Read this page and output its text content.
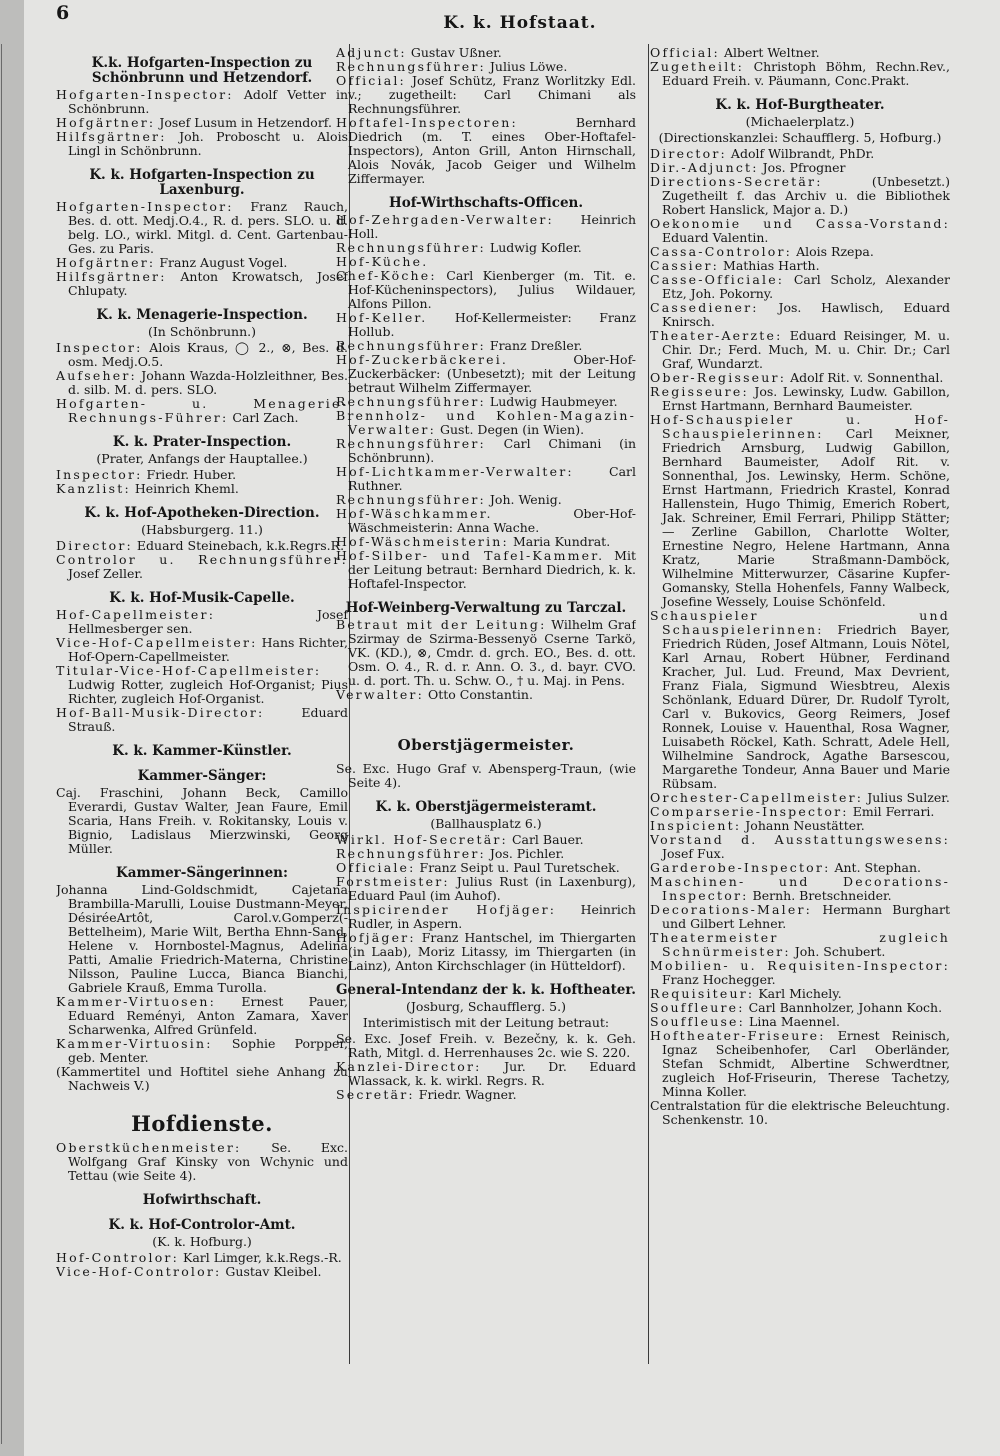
6	K. k. Hofstaat.
K.k. Hofgarten-Inspection zu Schönbrunn und Hetzendorf.
Hofgarten-Inspector: Adolf Vetter in Schönbrunn.
Hofgärtner: Josef Lusum in Hetzendorf.
Hilfsgärtner: Joh. Proboscht u. Alois Lingl in Schönbrunn.
K. k. Hofgarten-Inspection zu Laxenburg.
Hofgarten-Inspector: Franz Rauch, Bes. d. ott. Medj.O.4., R. d. pers. SLO. u. d. belg. LO., wirkl. Mitgl. d. Cent. Gartenbau-Ges. zu Paris.
Hofgärtner: Franz August Vogel.
Hilfsgärtner: Anton Krowatsch, Josef Chlupaty.
K. k. Menagerie-Inspection.
(In Schönbrunn.)
Inspector: Alois Kraus, ◯ 2., ⊗, Bes. d. osm. Medj.O.5.
Aufseher: Johann Wazda-Holzleithner, Bes. d. silb. M. d. pers. SLO.
Hofgarten- u. Menagerie-Rechnungs-Führer: Carl Zach.
K. k. Prater-Inspection.
(Prater, Anfangs der Hauptallee.)
Inspector: Friedr. Huber.
Kanzlist: Heinrich Kheml.
K. k. Hof-Apotheken-Direction.
(Habsburgerg. 11.)
Director: Eduard Steinebach, k.k.Regrs.R.
Controlor u. Rechnungsführer: Josef Zeller.
K. k. Hof-Musik-Capelle.
Hof-Capellmeister:	Josef Hellmesberger sen.
Vice-Hof-Capellmeister: Hans Richter, Hof-Opern-Capellmeister.
Titular-Vice-Hof-Capellmeister: Ludwig Rotter, zugleich Hof-Organist; Pius Richter, zugleich Hof-Organist.
Hof-Ball-Musik-Director:	Eduard Strauß.
K. k. Kammer-Künstler.
Kammer-Sänger:
Caj. Fraschini, Johann Beck, Camillo Everardi, Gustav Walter, Jean Faure, Emil Scaria, Hans Freih. v. Rokitansky, Louis v. Bignio, Ladislaus Mierzwinski, Georg Müller.
Kammer-Sängerinnen:
Johanna Lind-Goldschmidt, Cajetana Brambilla-Marulli, Louise Dustmann-Meyer, DésiréeArtôt, Carol.v.Gomperz(-Bettelheim), Marie Wilt, Bertha Ehnn-Sand, Helene v. Hornbostel-Magnus, Adelina Patti, Amalie Friedrich-Materna, Christine Nilsson, Pauline Lucca, Bianca Bianchi, Gabriele Krauß, Emma Turolla.
Kammer-Virtuosen: Ernest Pauer, Eduard Reményi, Anton Zamara, Xaver Scharwenka, Alfred Grünfeld.
Kammer-Virtuosin: Sophie Porpper, geb. Menter.
(Kammertitel und Hoftitel siehe Anhang zu Nachweis V.)
Hofdienste.
Oberstküchenmeister: Se. Exc. Wolfgang Graf Kinsky von Wchynic und Tettau (wie Seite 4).
Hofwirthschaft.
K. k. Hof-Controlor-Amt.
(K. k. Hofburg.)
Hof-Controlor: Karl Limger, k.k.Regs.-R.
Vice-Hof-Controlor: Gustav Kleibel.
Adjunct: Gustav Ußner.
Rechnungsführer: Julius Löwe.
Official: Josef Schütz, Franz Worlitzky Edl. v.; zugetheilt: Carl Chimani als Rechnungsführer.
Hoftafel-Inspectoren:	Bernhard Diedrich (m. T. eines Ober-Hoftafel-Inspectors), Anton Grill, Anton Hirnschall, Alois Novák, Jacob Geiger und Wilhelm Ziffermayer.
Hof-Wirthschafts-Officen.
Hof-Zehrgaden-Verwalter: Heinrich Holl.
Rechnungsführer: Ludwig Kofler.
Hof-Küche.
Chef-Köche: Carl Kienberger (m. Tit. e. Hof-Kücheninspectors), Julius Wildauer, Alfons Pillon.
Hof-Keller. Hof-Kellermeister: Franz Hollub.
Rechnungsführer: Franz Dreßler.
Hof-Zuckerbäckerei.	Ober-Hof-Zuckerbäcker: (Unbesetzt); mit der Leitung betraut Wilhelm Ziffermayer.
Rechnungsführer: Ludwig Haubmeyer.
Brennholz- und Kohlen-Magazin-Verwalter: Gust. Degen (in Wien).
Rechnungsführer: Carl Chimani (in Schönbrunn).
Hof-Lichtkammer-Verwalter:	Carl Ruthner.
Rechnungsführer: Joh. Wenig.
Hof-Wäschkammer.	Ober-Hof-Wäschmeisterin: Anna Wache.
Hof-Wäschmeisterin: Maria Kundrat.
Hof-Silber- und Tafel-Kammer. Mit der Leitung betraut: Bernhard Diedrich, k. k. Hoftafel-Inspector.
Hof-Weinberg-Verwaltung zu Tarczal.
Betraut mit der Leitung: Wilhelm Graf Szirmay de Szirma-Bessenyö Cserne Tarkö, VK. (KD.), ⊗, Cmdr. d. grch. EO., Bes. d. ott. Osm. O. 4., R. d. r. Ann. O. 3., d. bayr. CVO. u. d. port. Th. u. Schw. O., † u. Maj. in Pens.
Verwalter: Otto Constantin.
Oberstjägermeister.
Se. Exc. Hugo Graf v. Abensperg-Traun, (wie Seite 4).
K. k. Oberstjägermeisteramt.
(Ballhausplatz 6.)
Wirkl. Hof-Secretär: Carl Bauer.
Rechnungsführer: Jos. Pichler.
Officiale: Franz Seipt u. Paul Turetschek.
Forstmeister: Julius Rust (in Laxenburg), Eduard Paul (im Auhof).
Inspicirender Hofjäger: Heinrich Rudler, in Aspern.
Hofjäger: Franz Hantschel, im Thiergarten (in Laab), Moriz Litassy, im Thiergarten (in Lainz), Anton Kirchschlager (in Hütteldorf).
General-Intendanz der k. k. Hoftheater.
(Josburg, Schaufflerg. 5.)
Interimistisch mit der Leitung betraut:
Se. Exc. Josef Freih. v. Bezečny, k. k. Geh. Rath, Mitgl. d. Herrenhauses 2c. wie S. 220.
Kanzlei-Director: Jur. Dr. Eduard Wlassack, k. k. wirkl. Regrs. R.
Secretär: Friedr. Wagner.
Official: Albert Weltner.
Zugetheilt: Christoph Böhm, Rechn.Rev., Eduard Freih. v. Päumann, Conc.Prakt.
K. k. Hof-Burgtheater.
(Michaelerplatz.)
(Directionskanzlei: Schaufflerg. 5, Hofburg.)
Director: Adolf Wilbrandt, PhDr.
Dir.-Adjunct: Jos. Pfrogner
Directions-Secretär:	(Unbesetzt.) Zugetheilt f. das Archiv u. die Bibliothek Robert Hanslick, Major a. D.)
Oekonomie und Cassa-Vorstand: Eduard Valentin.
Cassa-Controlor: Alois Rzepa.
Cassier: Mathias Harth.
Casse-Officiale: Carl Scholz, Alexander Etz, Joh. Pokorny.
Cassediener: Jos. Hawlisch, Eduard Knirsch.
Theater-Aerzte: Eduard Reisinger, M. u. Chir. Dr.; Ferd. Much, M. u. Chir. Dr.; Carl Graf, Wundarzt.
Ober-Regisseur: Adolf Rit. v. Sonnenthal.
Regisseure: Jos. Lewinsky, Ludw. Gabillon, Ernst Hartmann, Bernhard Baumeister.
Hof-Schauspieler u. Hof-Schauspielerinnen: Carl Meixner, Friedrich Arnsburg, Ludwig Gabillon, Bernhard Baumeister, Adolf Rit. v. Sonnenthal, Jos. Lewinsky, Herm. Schöne, Ernst Hartmann, Friedrich Krastel, Konrad Hallenstein, Hugo Thimig, Emerich Robert, Jak. Schreiner, Emil Ferrari, Philipp Stätter; — Zerline Gabillon, Charlotte Wolter, Ernestine Negro, Helene Hartmann, Anna Kratz, Marie Straßmann-Damböck, Wilhelmine Mitterwurzer, Cäsarine Kupfer-Gomansky, Stella Hohenfels, Fanny Walbeck, Josefine Wessely, Louise Schönfeld.
Schauspieler und Schauspielerinnen: Friedrich Bayer, Friedrich Rüden, Josef Altmann, Louis Nötel, Karl Arnau, Robert Hübner, Ferdinand Kracher, Jul. Lud. Freund, Max Devrient, Franz Fiala, Sigmund Wiesbtreu, Alexis Schönlank, Eduard Dürer, Dr. Rudolf Tyrolt, Carl v. Bukovics, Georg Reimers, Josef Ronnek, Louise v. Hauenthal, Rosa Wagner, Luisabeth Röckel, Kath. Schratt, Adele Hell, Wilhelmine Sandrock, Agathe Barsescou, Margarethe Tondeur, Anna Bauer und Marie Rübsam.
Orchester-Capellmeister: Julius Sulzer.
Comparserie-Inspector: Emil Ferrari.
Inspicient: Johann Neustätter.
Vorstand d. Ausstattungswesens: Josef Fux.
Garderobe-Inspector: Ant. Stephan.
Maschinen- und Decorations-Inspector: Bernh. Bretschneider.
Decorations-Maler: Hermann Burghart und Gilbert Lehner.
Theatermeister zugleich Schnürmeister: Joh. Schubert.
Mobilien- u. Requisiten-Inspector: Franz Hochegger.
Requisiteur: Karl Michely.
Souffleure: Carl Bannholzer, Johann Koch.
Souffleuse: Lina Maennel.
Hoftheater-Friseure: Ernest Reinisch, Ignaz Scheibenhofer, Carl Oberländer, Stefan Schmidt, Albertine Schwerdtner, zugleich Hof-Friseurin, Therese Tachetzy, Minna Koller.
Centralstation für die elektrische Beleuchtung. Schenkenstr. 10.
